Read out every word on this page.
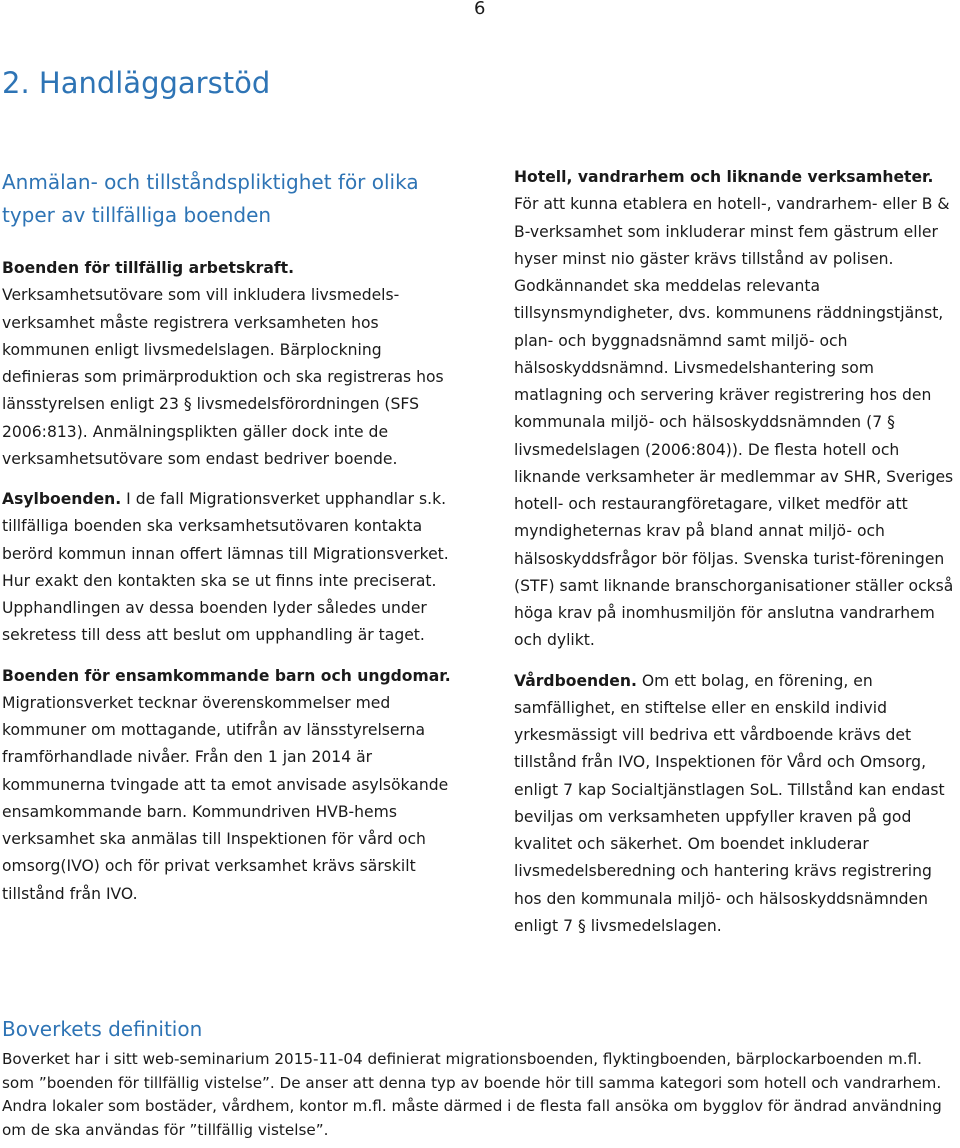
6
2. Handläggarstöd
Anmälan- och tillståndspliktighet för olika typer av tillfälliga boenden

Boenden för tillfällig arbetskraft. Verksamhetsutövare som vill inkludera livsmedels-verksamhet måste registrera verksamheten hos kommunen enligt livsmedelslagen. Bärplockning definieras som primärproduktion och ska registreras hos länsstyrelsen enligt 23 § livsmedelsförordningen (SFS 2006:813). Anmälningsplikten gäller dock inte de verksamhetsutövare som endast bedriver boende.

Asylboenden. I de fall Migrationsverket upphandlar s.k. tillfälliga boenden ska verksamhetsutövaren kontakta berörd kommun innan offert lämnas till Migrationsverket. Hur exakt den kontakten ska se ut finns inte preciserat. Upphandlingen av dessa boenden lyder således under sekretess till dess att beslut om upphandling är taget.

Boenden för ensamkommande barn och ungdomar. Migrationsverket tecknar överenskommelser med kommuner om mottagande, utifrån av länsstyrelserna framförhandlade nivåer. Från den 1 jan 2014 är kommunerna tvingade att ta emot anvisade asylsökande ensamkommande barn. Kommundriven HVB-hems verksamhet ska anmälas till Inspektionen för vård och omsorg(IVO) och för privat verksamhet krävs särskilt tillstånd från IVO.

Hotell, vandrarhem och liknande verksamheter. För att kunna etablera en hotell-, vandrarhem- eller B & B-verksamhet som inkluderar minst fem gästrum eller hyser minst nio gäster krävs tillstånd av polisen. Godkännandet ska meddelas relevanta tillsynsmyndigheter, dvs. kommunens räddningstjänst, plan- och byggnadsnämnd samt miljö- och hälsoskyddsnämnd. Livsmedelshantering som matlagning och servering kräver registrering hos den kommunala miljö- och hälsoskyddsnämnden (7 § livsmedelslagen (2006:804)). De flesta hotell och liknande verksamheter är medlemmar av SHR, Sveriges hotell- och restaurangföretagare, vilket medför att myndigheternas krav på bland annat miljö- och hälsoskyddsfrågor bör följas. Svenska turist-föreningen (STF) samt liknande branschorganisationer ställer också höga krav på inomhusmiljön för anslutna vandrarhem och dylikt.

Vårdboenden. Om ett bolag, en förening, en samfällighet, en stiftelse eller en enskild individ yrkesmässigt vill bedriva ett vårdboende krävs det tillstånd från IVO, Inspektionen för Vård och Omsorg, enligt 7 kap Socialtjänstlagen SoL. Tillstånd kan endast beviljas om verksamheten uppfyller kraven på god kvalitet och säkerhet. Om boendet inkluderar livsmedelsberedning och hantering krävs registrering hos den kommunala miljö- och hälsoskyddsnämnden enligt 7 § livsmedelslagen.

Boverkets definition

Boverket har i sitt web-seminarium 2015-11-04 definierat migrationsboenden, flyktingboenden, bärplockarboenden m.fl. som ”boenden för tillfällig vistelse”. De anser att denna typ av boende hör till samma kategori som hotell och vandrarhem. Andra lokaler som bostäder, vårdhem, kontor m.fl. måste därmed i de flesta fall ansöka om bygglov för ändrad användning om de ska användas för ”tillfällig vistelse”.
